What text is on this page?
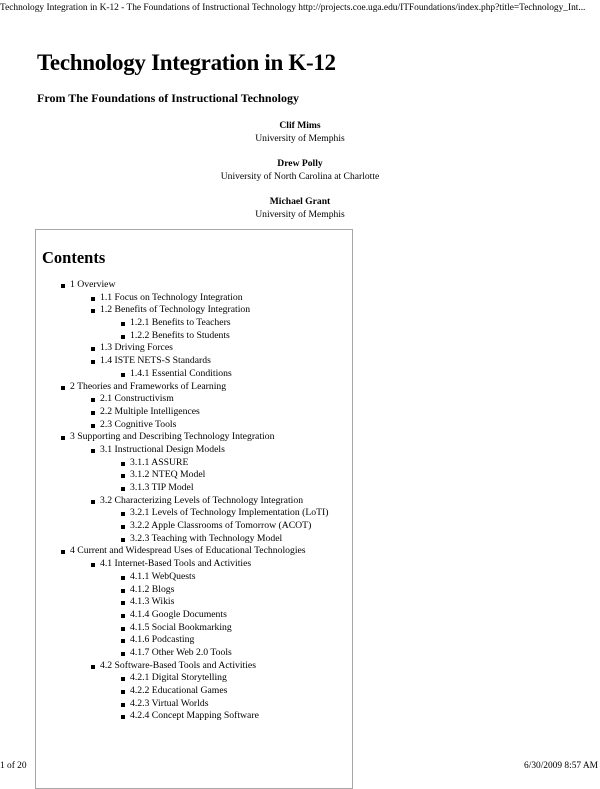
Technology Integration in K-12 - The Foundations of Instructional Technology http://projects.coe.uga.edu/ITFoundations/index.php?title=Technology_Int...
Technology Integration in K-12
From The Foundations of Instructional Technology
Clif Mims
University of Memphis
Drew Polly
University of North Carolina at Charlotte
Michael Grant
University of Memphis
Contents
1 Overview
1.1 Focus on Technology Integration
1.2 Benefits of Technology Integration
1.2.1 Benefits to Teachers
1.2.2 Benefits to Students
1.3 Driving Forces
1.4 ISTE NETS-S Standards
1.4.1 Essential Conditions
2 Theories and Frameworks of Learning
2.1 Constructivism
2.2 Multiple Intelligences
2.3 Cognitive Tools
3 Supporting and Describing Technology Integration
3.1 Instructional Design Models
3.1.1 ASSURE
3.1.2 NTEQ Model
3.1.3 TIP Model
3.2 Characterizing Levels of Technology Integration
3.2.1 Levels of Technology Implementation (LoTI)
3.2.2 Apple Classrooms of Tomorrow (ACOT)
3.2.3 Teaching with Technology Model
4 Current and Widespread Uses of Educational Technologies
4.1 Internet-Based Tools and Activities
4.1.1 WebQuests
4.1.2 Blogs
4.1.3 Wikis
4.1.4 Google Documents
4.1.5 Social Bookmarking
4.1.6 Podcasting
4.1.7 Other Web 2.0 Tools
4.2 Software-Based Tools and Activities
4.2.1 Digital Storytelling
4.2.2 Educational Games
4.2.3 Virtual Worlds
4.2.4 Concept Mapping Software
1 of 20	6/30/2009 8:57 AM
